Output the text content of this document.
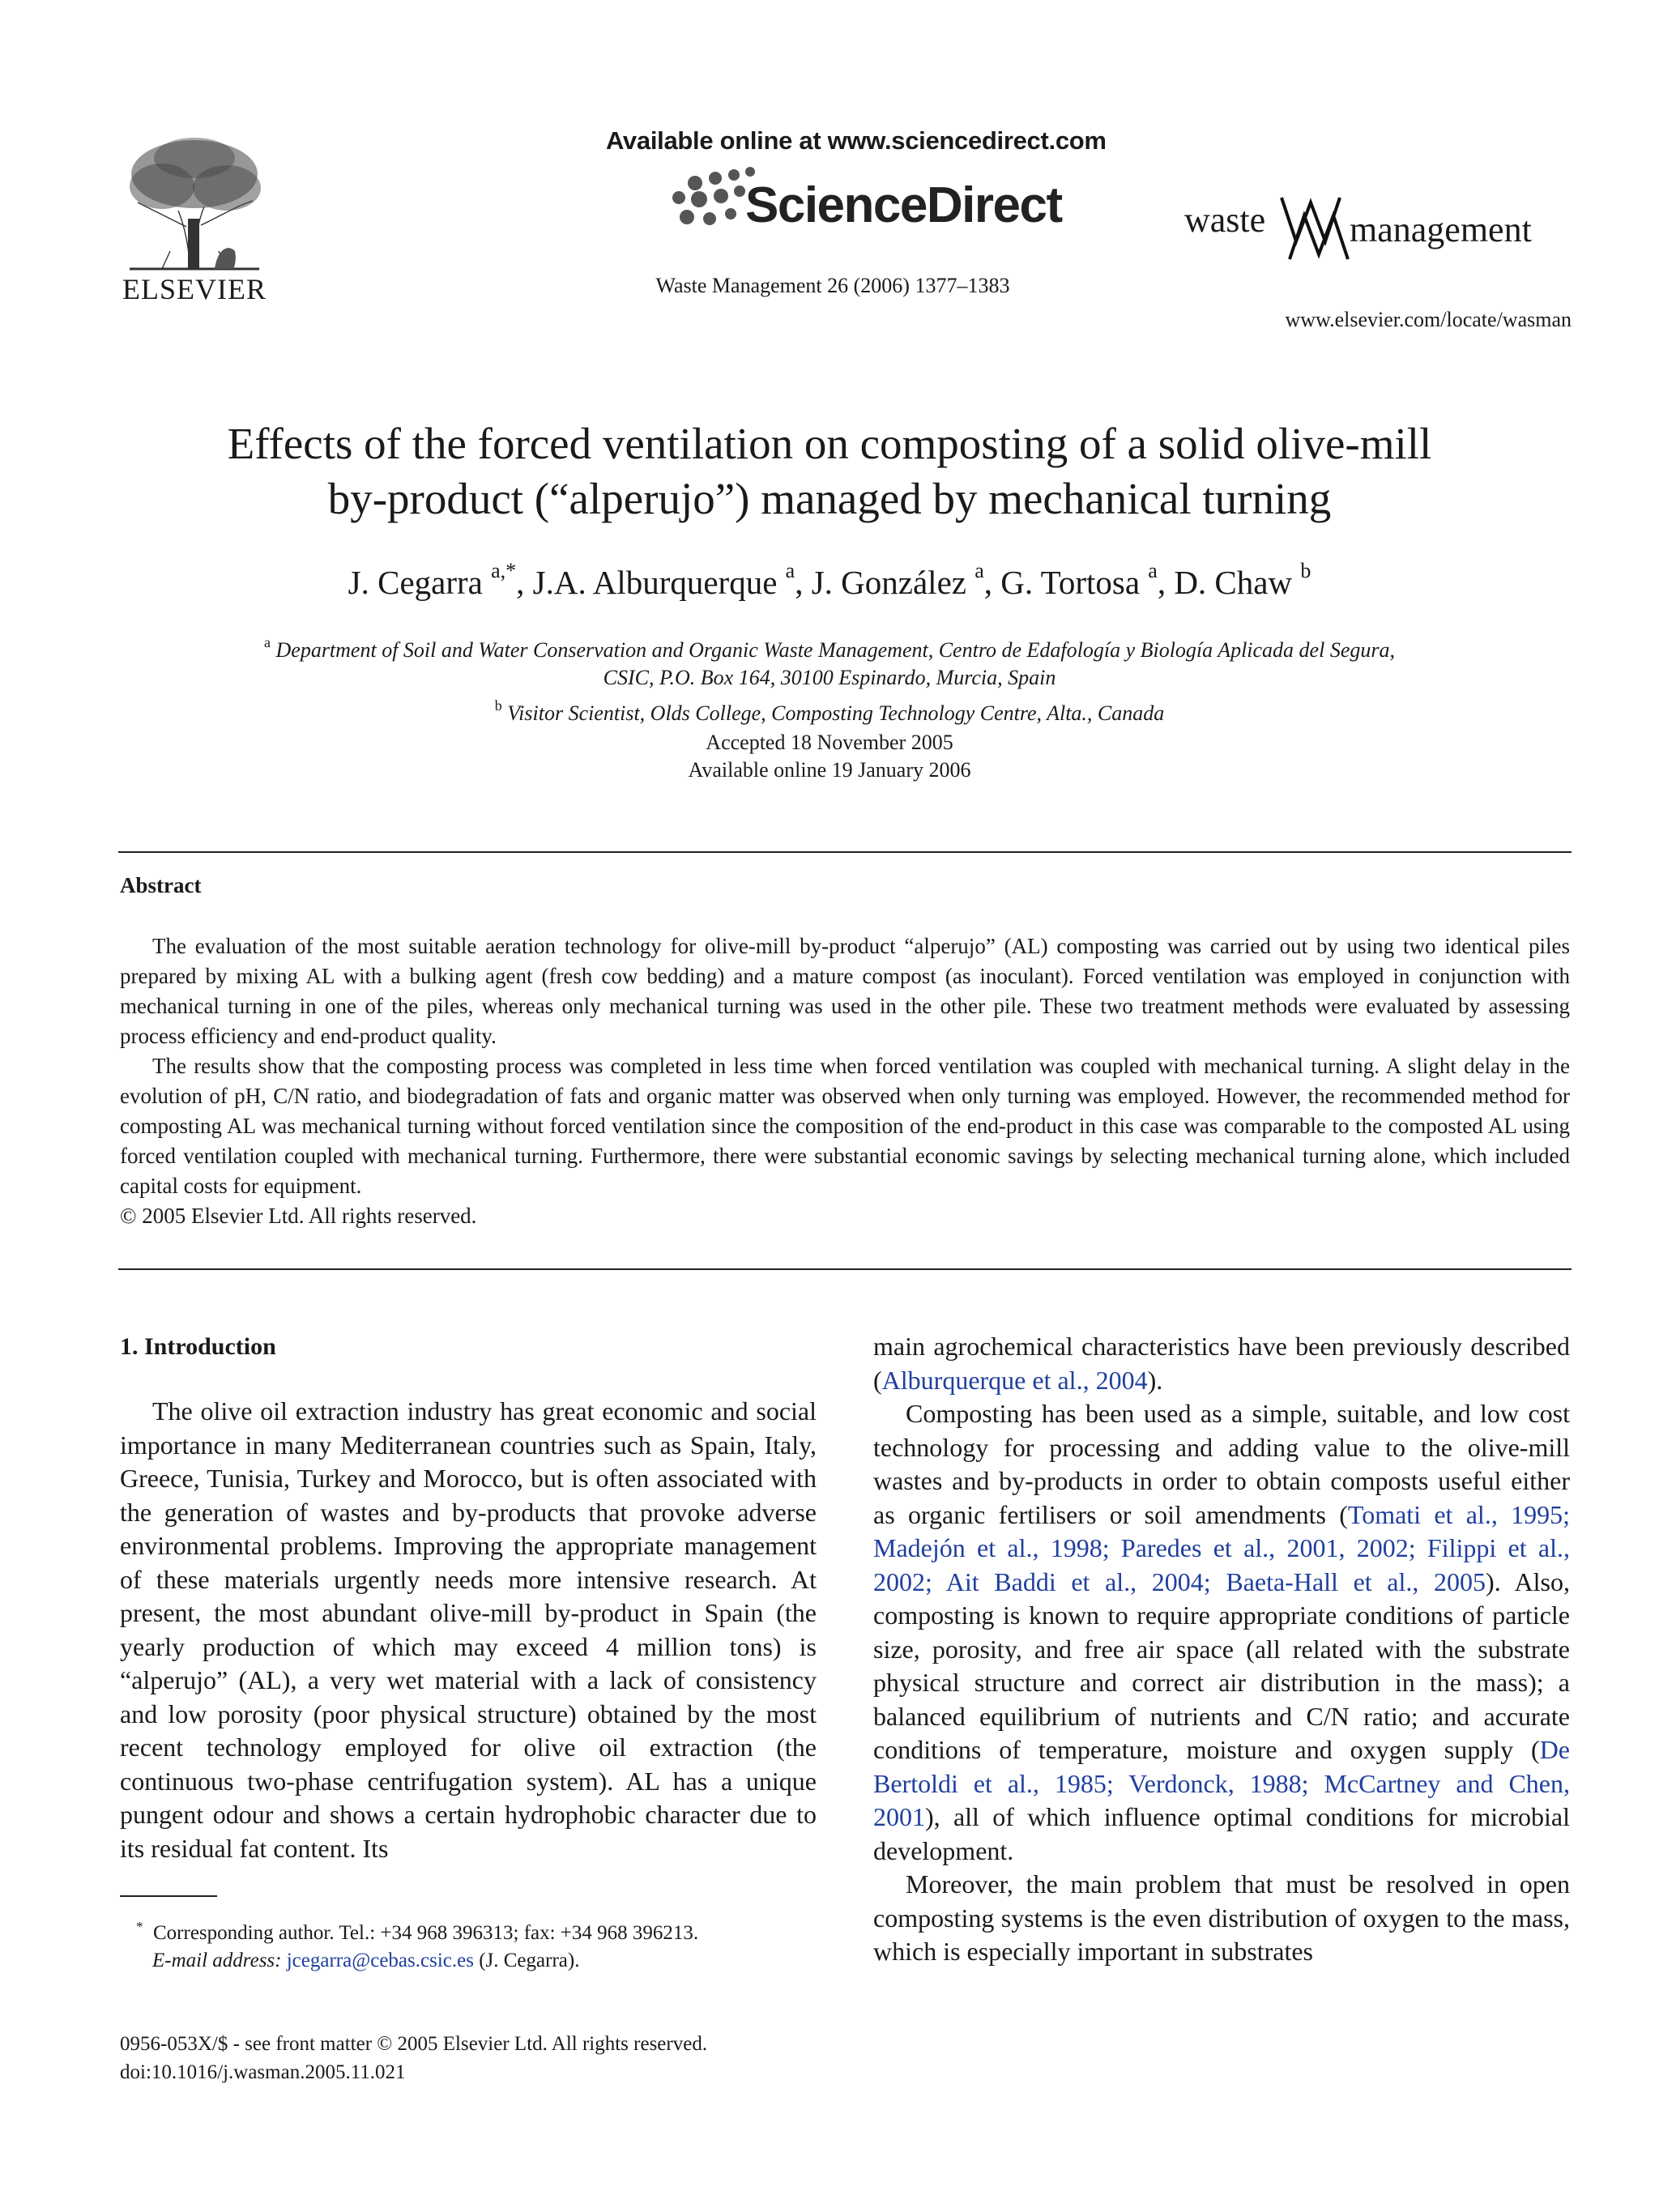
ELSEVIER
Available online at www.sciencedirect.com
ScienceDirect
Waste Management 26 (2006) 1377–1383
waste management
www.elsevier.com/locate/wasman
Effects of the forced ventilation on composting of a solid olive-mill
by-product (“alperujo”) managed by mechanical turning
J. Cegarra $^{a,*}$, J.A. Alburquerque $^a$, J. González $^a$, G. Tortosa $^a$, D. Chaw $^b$
$^a$ Department of Soil and Water Conservation and Organic Waste Management, Centro de Edafología y Biología Aplicada del Segura,
CSIC, P.O. Box 164, 30100 Espinardo, Murcia, Spain
$^b$ Visitor Scientist, Olds College, Composting Technology Centre, Alta., Canada
Accepted 18 November 2005
Available online 19 January 2006
Abstract

The evaluation of the most suitable aeration technology for olive-mill by-product “alperujo” (AL) composting was carried out by using two identical piles prepared by mixing AL with a bulking agent (fresh cow bedding) and a mature compost (as inoculant). Forced ventilation was employed in conjunction with mechanical turning in one of the piles, whereas only mechanical turning was used in the other pile. These two treatment methods were evaluated by assessing process efficiency and end-product quality.

The results show that the composting process was completed in less time when forced ventilation was coupled with mechanical turning. A slight delay in the evolution of pH, C/N ratio, and biodegradation of fats and organic matter was observed when only turning was employed. However, the recommended method for composting AL was mechanical turning without forced ventilation since the composition of the end-product in this case was comparable to the composted AL using forced ventilation coupled with mechanical turning. Furthermore, there were substantial economic savings by selecting mechanical turning alone, which included capital costs for equipment.

© 2005 Elsevier Ltd. All rights reserved.

1. Introduction

The olive oil extraction industry has great economic and social importance in many Mediterranean countries such as Spain, Italy, Greece, Tunisia, Turkey and Morocco, but is often associated with the generation of wastes and by-products that provoke adverse environmental problems. Improving the appropriate management of these materials urgently needs more intensive research. At present, the most abundant olive-mill by-product in Spain (the yearly production of which may exceed 4 million tons) is “alperujo” (AL), a very wet material with a lack of consistency and low porosity (poor physical structure) obtained by the most recent technology employed for olive oil extraction (the continuous two-phase centrifugation system). AL has a unique pungent odour and shows a certain hydrophobic character due to its residual fat content. Its

main agrochemical characteristics have been previously described (Alburquerque et al., 2004).

Composting has been used as a simple, suitable, and low cost technology for processing and adding value to the olive-mill wastes and by-products in order to obtain composts useful either as organic fertilisers or soil amendments (Tomati et al., 1995; Madejón et al., 1998; Paredes et al., 2001, 2002; Filippi et al., 2002; Ait Baddi et al., 2004; Baeta-Hall et al., 2005). Also, composting is known to require appropriate conditions of particle size, porosity, and free air space (all related with the substrate physical structure and correct air distribution in the mass); a balanced equilibrium of nutrients and C/N ratio; and accurate conditions of temperature, moisture and oxygen supply (De Bertoldi et al., 1985; Verdonck, 1988; McCartney and Chen, 2001), all of which influence optimal conditions for microbial development.

Moreover, the main problem that must be resolved in open composting systems is the even distribution of oxygen to the mass, which is especially important in substrates

* Corresponding author. Tel.: +34 968 396313; fax: +34 968 396213.
E-mail address: jcegarra@cebas.csic.es (J. Cegarra).
0956-053X/$ - see front matter © 2005 Elsevier Ltd. All rights reserved.
doi:10.1016/j.wasman.2005.11.021
